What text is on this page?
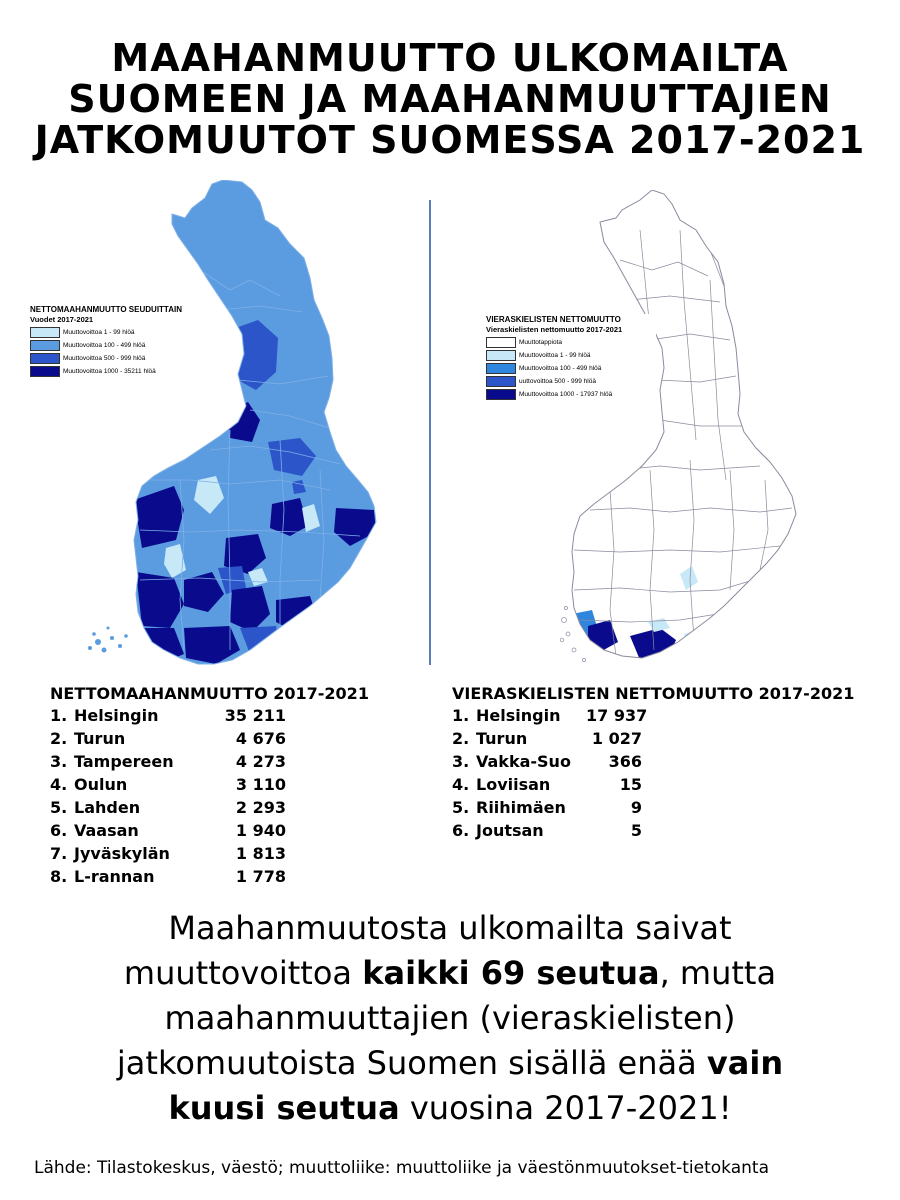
MAAHANMUUTTO ULKOMAILTA
SUOMEEN JA MAAHANMUUTTAJIEN
JATKOMUUTOT SUOMESSA 2017-2021
NETTOMAAHANMUUTTO SEUDUITTAIN
Vuodet 2017-2021
Muuttovoittoa 1 - 99 hlöä
Muuttovoittoa 100 - 499 hlöä
Muuttovoittoa 500 - 999 hlöä
Muuttovoittoa 1000 - 35211 hlöä
VIERASKIELISTEN NETTOMUUTTO
Vieraskielisten nettomuutto 2017-2021
Muuttotappiota
Muuttovoittoa 1 - 99 hlöä
Muuttovoittoa 100 - 499 hlöä
uuttovoittoa 500 - 999 hlöä
Muuttovoittoa 1000 - 17937 hlöä
NETTOMAAHANMUUTTO 2017-2021
1. Helsingin	35 211
2. Turun	4 676
3. Tampereen	4 273
4. Oulun	3 110
5. Lahden	2 293
6. Vaasan	1 940
7. Jyväskylän	1 813
8. L-rannan	1 778
VIERASKIELISTEN NETTOMUUTTO 2017-2021
1. Helsingin	17 937
2. Turun	1 027
3. Vakka-Suo	366
4. Loviisan	15
5. Riihimäen	9
6. Joutsan	5
Maahanmuutosta ulkomailta saivat
muuttovoittoa kaikki 69 seutua, mutta
maahanmuuttajien (vieraskielisten)
jatkomuutoista Suomen sisällä enää vain
kuusi seutua vuosina 2017-2021!
Lähde: Tilastokeskus, väestö; muuttoliike: muuttoliike ja väestönmuutokset-tietokanta
